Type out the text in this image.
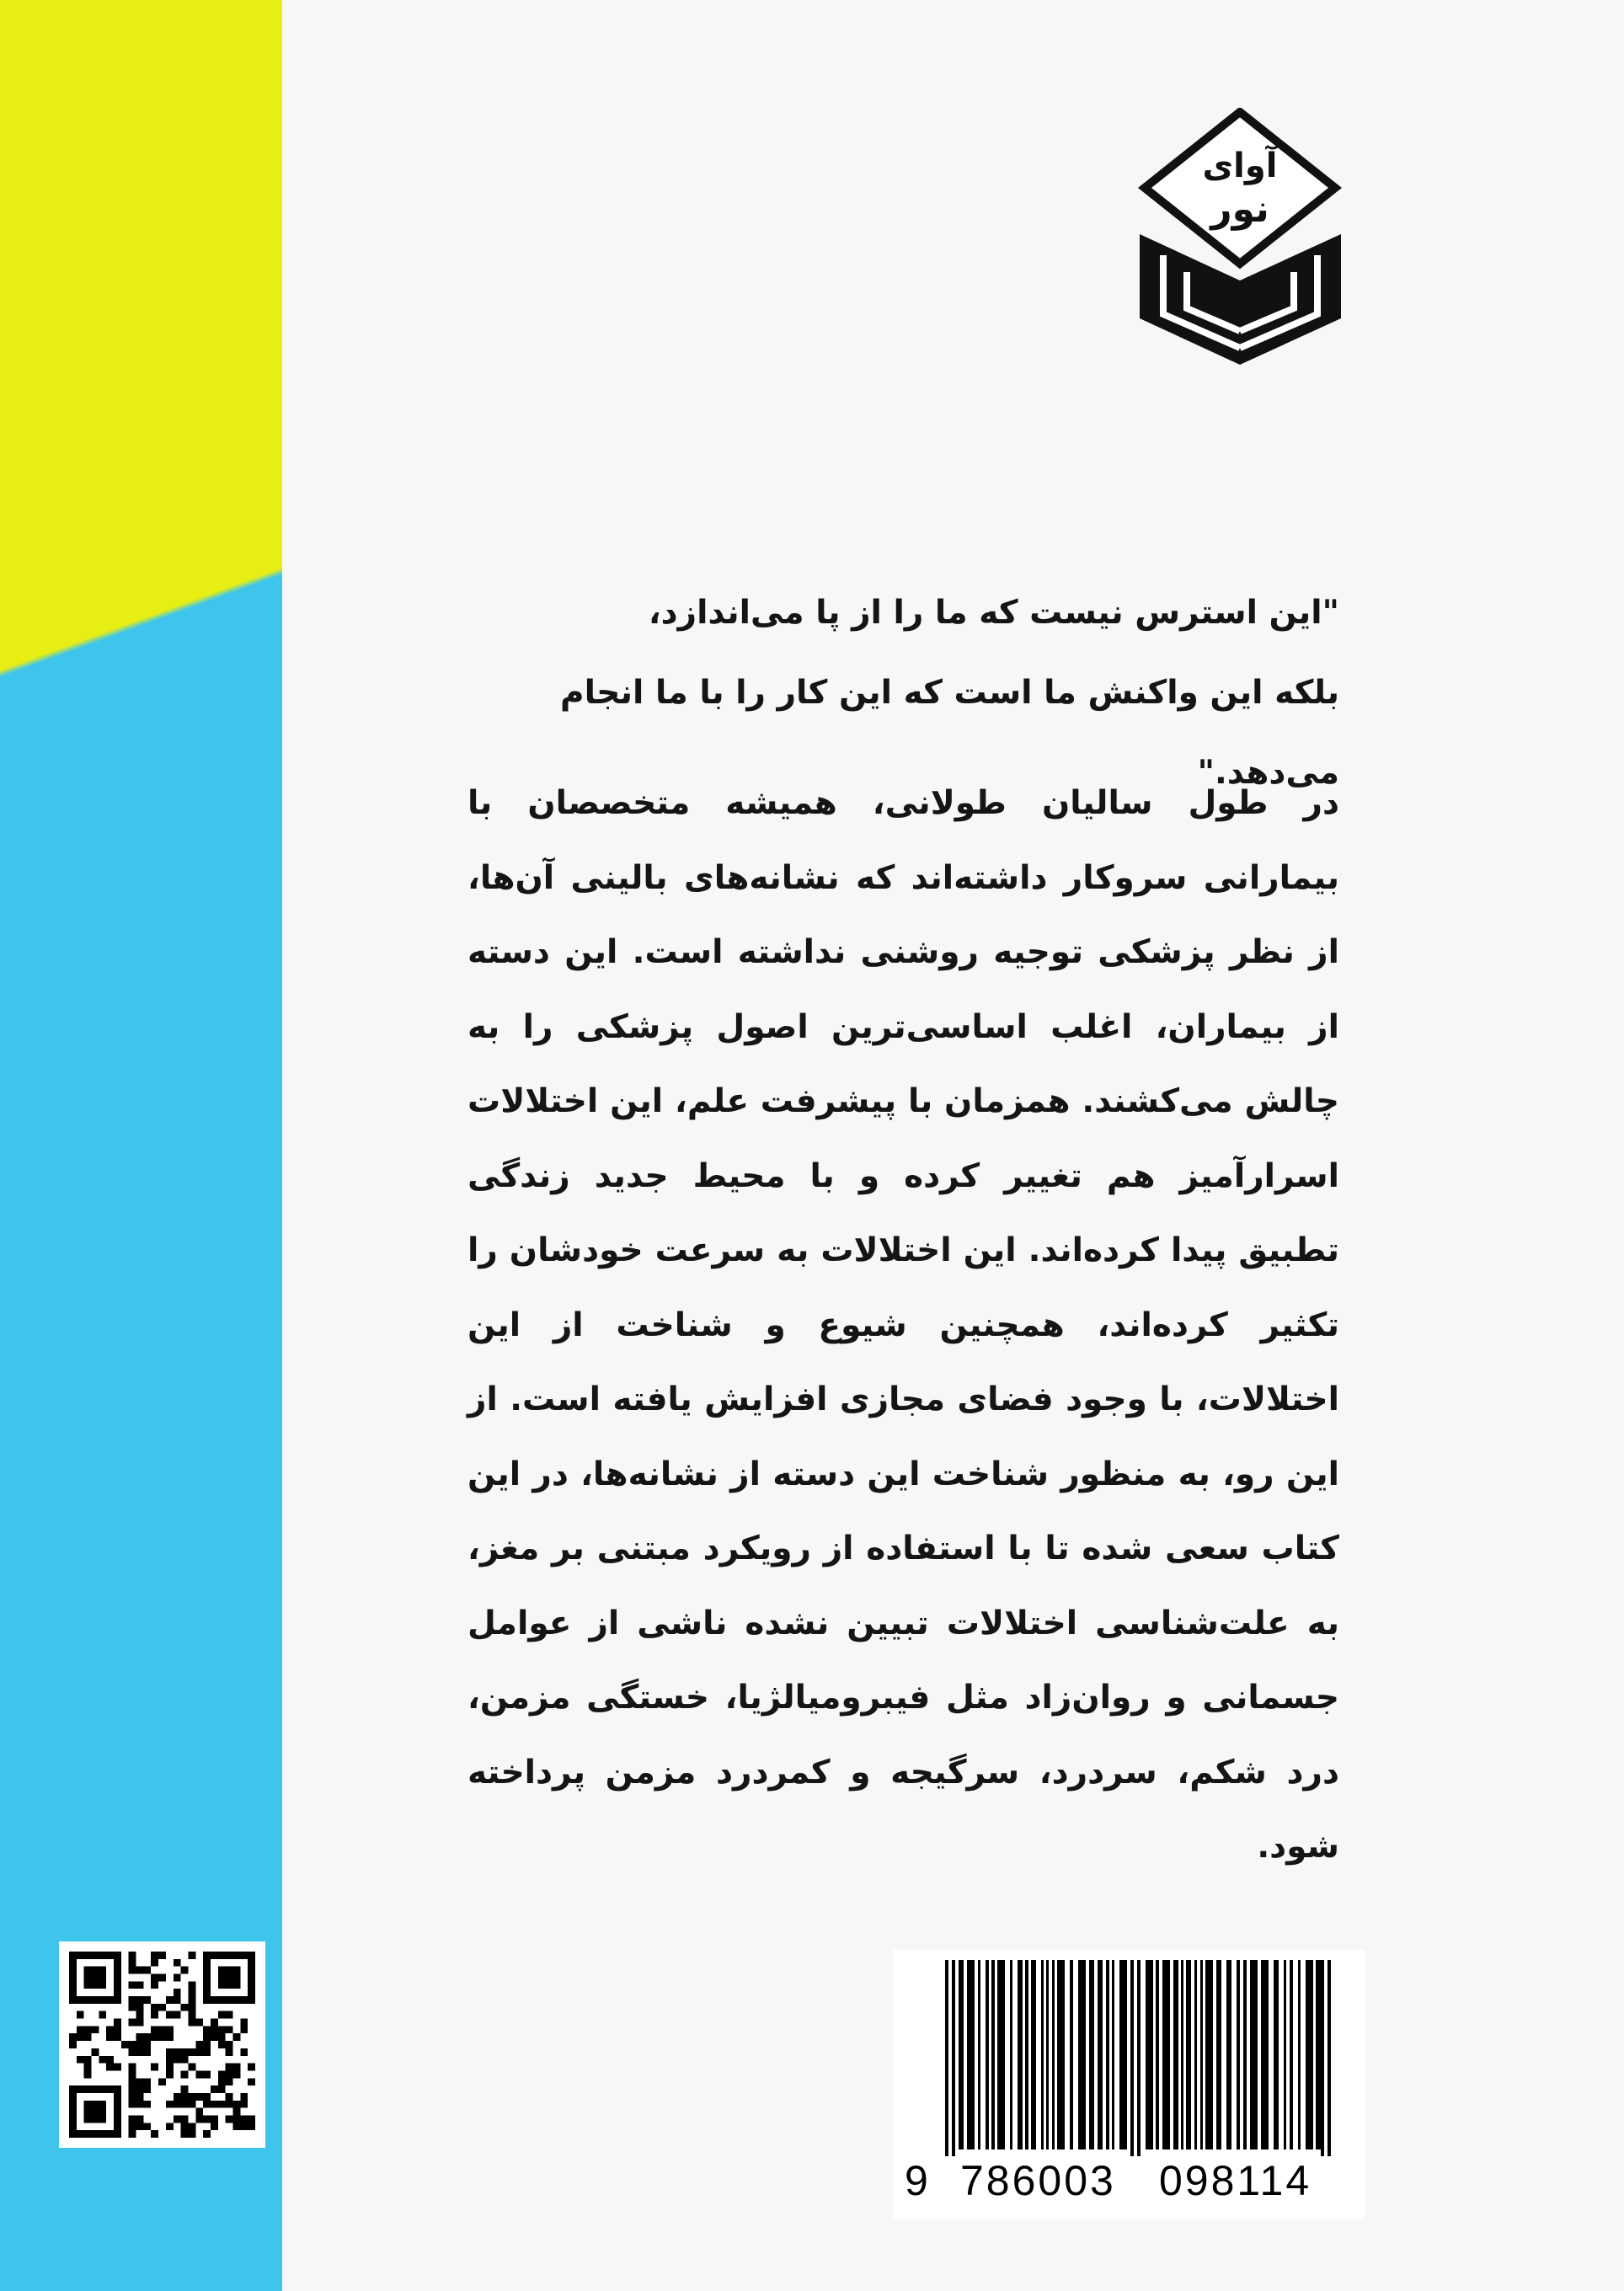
آوای
نور

"این استرس نیست که ما را از پا می‌اندازد،

بلکه این واکنش ما است که این کار را با ما انجام می‌دهد."

در طول سالیان طولانی، همیشه متخصصان با بیمارانی سروکار داشته‌اند که نشانه‌های بالینی آن‌ها، از نظر پزشکی توجیه روشنی نداشته است. این دسته از بیماران، اغلب اساسی‌ترین اصول پزشکی را به چالش می‌کشند. همزمان با پیشرفت علم، این اختلالات اسرارآمیز هم تغییر کرده و با محیط جدید زندگی تطبیق پیدا کرده‌اند. این اختلالات به سرعت خودشان را تکثیر کرده‌اند، همچنین شیوع و شناخت از این اختلالات، با وجود فضای مجازی افزایش یافته است. از این رو، به منظور شناخت این دسته از نشانه‌ها، در این کتاب سعی شده تا با استفاده از رویکرد مبتنی بر مغز، به علت‌شناسی اختلالات تبیین نشده ناشی از عوامل جسمانی و روان‌زاد مثل فیبرومیالژیا، خستگی مزمن، درد شکم، سردرد، سرگیجه و کمردرد مزمن پرداخته شود.

9 786003 098114
